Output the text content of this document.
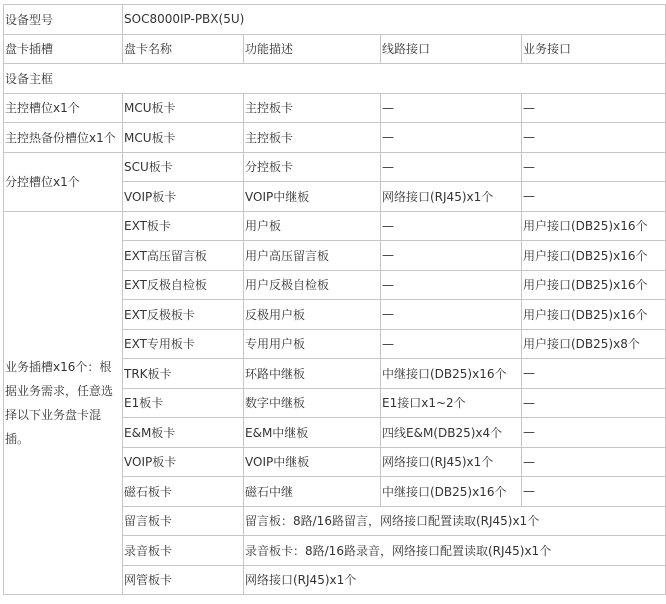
设备型号	SOC8000IP-PBX(5U)			
盘卡插槽	盘卡名称	功能描述	线路接口	业务接口
设备主框				
主控槽位x1个	MCU板卡	主控板卡	—	—
主控热备份槽位x1个	MCU板卡	主控板卡	—	—
分控槽位x1个	SCU板卡	分控板卡	—	—
	VOIP板卡	VOIP中继板	网络接口(RJ45)x1个	—
业务插槽x16个：根据业务需求，任意选择以下业务盘卡混插。	EXT板卡	用户板	—	用户接口(DB25)x16个
	EXT高压留言板	用户高压留言板	—	用户接口(DB25)x16个
	EXT反极自检板	用户反极自检板	—	用户接口(DB25)x16个
	EXT反极板卡	反极用户板	—	用户接口(DB25)x16个
	EXT专用板卡	专用用户板	—	用户接口(DB25)x8个
	TRK板卡	环路中继板	中继接口(DB25)x16个	—
	E1板卡	数字中继板	E1接口x1~2个	—
	E&M板卡	E&M中继板	四线E&M(DB25)x4个	—
	VOIP板卡	VOIP中继板	网络接口(RJ45)x1个	—
	磁石板卡	磁石中继	中继接口(DB25)x16个	—
	留言板卡	留言板：8路/16路留言，网络接口配置读取(RJ45)x1个		
	录音板卡	录音板卡：8路/16路录音，网络接口配置读取(RJ45)x1个		
	网管板卡	网络接口(RJ45)x1个		
